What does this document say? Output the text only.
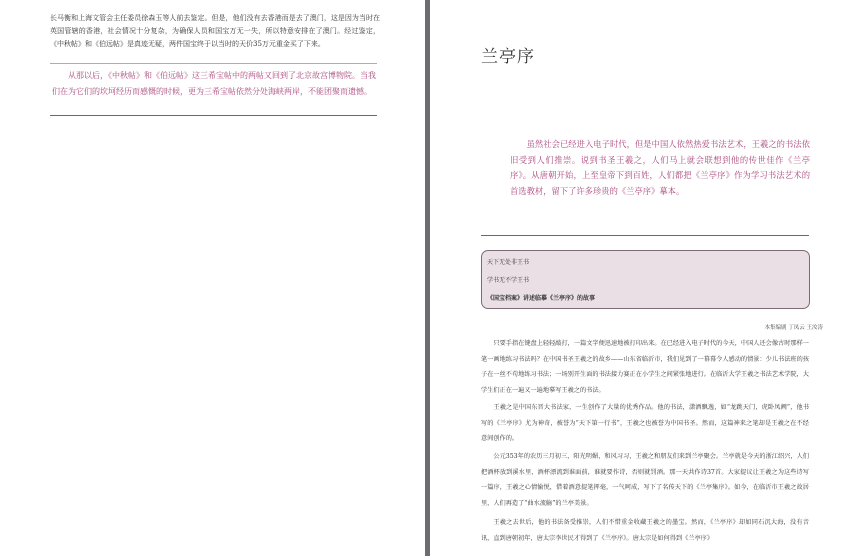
长马衡和上海文管会主任委员徐森玉等人前去鉴定。但是，他们没有去香港而是去了澳门，这是因为当时在英国管辖的香港，社会情况十分复杂，为确保人员和国宝万无一失，所以特意安排在了澳门。经过鉴定，《中秋帖》和《伯远帖》是真迹无疑，两件国宝终于以当时的天价35万元重金买了下来。

从那以后，《中秋帖》和《伯远帖》这三希宝帖中的两帖又回到了北京故宫博物院。当我们在为它们的坎坷经历而感慨的时候，更为三希宝帖依然分处海峡两岸，不能团聚而遗憾。

兰亭序

虽然社会已经进入电子时代，但是中国人依然热爱书法艺术，王羲之的书法依旧受到人们推崇。说到书圣王羲之，人们马上就会联想到他的传世佳作《兰亭序》。从唐朝开始，上至皇帝下到百姓，人们都把《兰亭序》作为学习书法艺术的首选教材，留下了许多珍贵的《兰亭序》摹本。

天下无处非王书

学书无不学王书

《国宝档案》讲述临摹《兰亭序》的故事

本集编剧 丁凤云 王汝涛

只要手指在键盘上轻轻敲打，一篇文字便迅速地被打印出来。在已经进入电子时代的今天，中国人还会像古时那样一笔一画地练习书法吗？在中国书圣王羲之的故乡——山东省临沂市，我们见到了一幕幕令人感动的情景：少儿书法班的孩子在一丝不苟地练习书法；一场别开生面的书法接力赛正在小学生之间紧张地进行。在临沂大学王羲之书法艺术学院，大学生们正在一遍又一遍地摹写王羲之的书法。

王羲之是中国东晋大书法家，一生创作了大量的优秀作品。他的书法，潇洒飘逸，如“龙跳天门，虎卧凤阙”，他书写的《兰亭序》尤为神奇，被誉为“天下第一行书”，王羲之也被誉为中国书圣。然而，这篇神来之笔却是王羲之在不经意间创作的。

公元353年的农历三月初三，阳光明媚，和风习习，王羲之和朋友们来到兰亭聚会。兰亭就是今天的浙江绍兴，人们把酒杯放到溪水里，酒杯漂流到谁面前，谁就要作诗，否则就罚酒。那一天共作诗37首。大家提议让王羲之为这些诗写一篇序，王羲之心情愉悦，借着酒意提笔挥毫，一气呵成，写下了名传天下的《兰亭集序》。如今，在临沂市王羲之故居里，人们再造了“曲水流觞”的兰亭美景。

王羲之去世后，他的书法备受推崇，人们不惜重金收藏王羲之的墨宝。然而，《兰亭序》却如同石沉大海，没有音讯，直到唐朝初年，唐太宗李世民才得到了《兰亭序》。唐太宗是如何得到《兰亭序》
